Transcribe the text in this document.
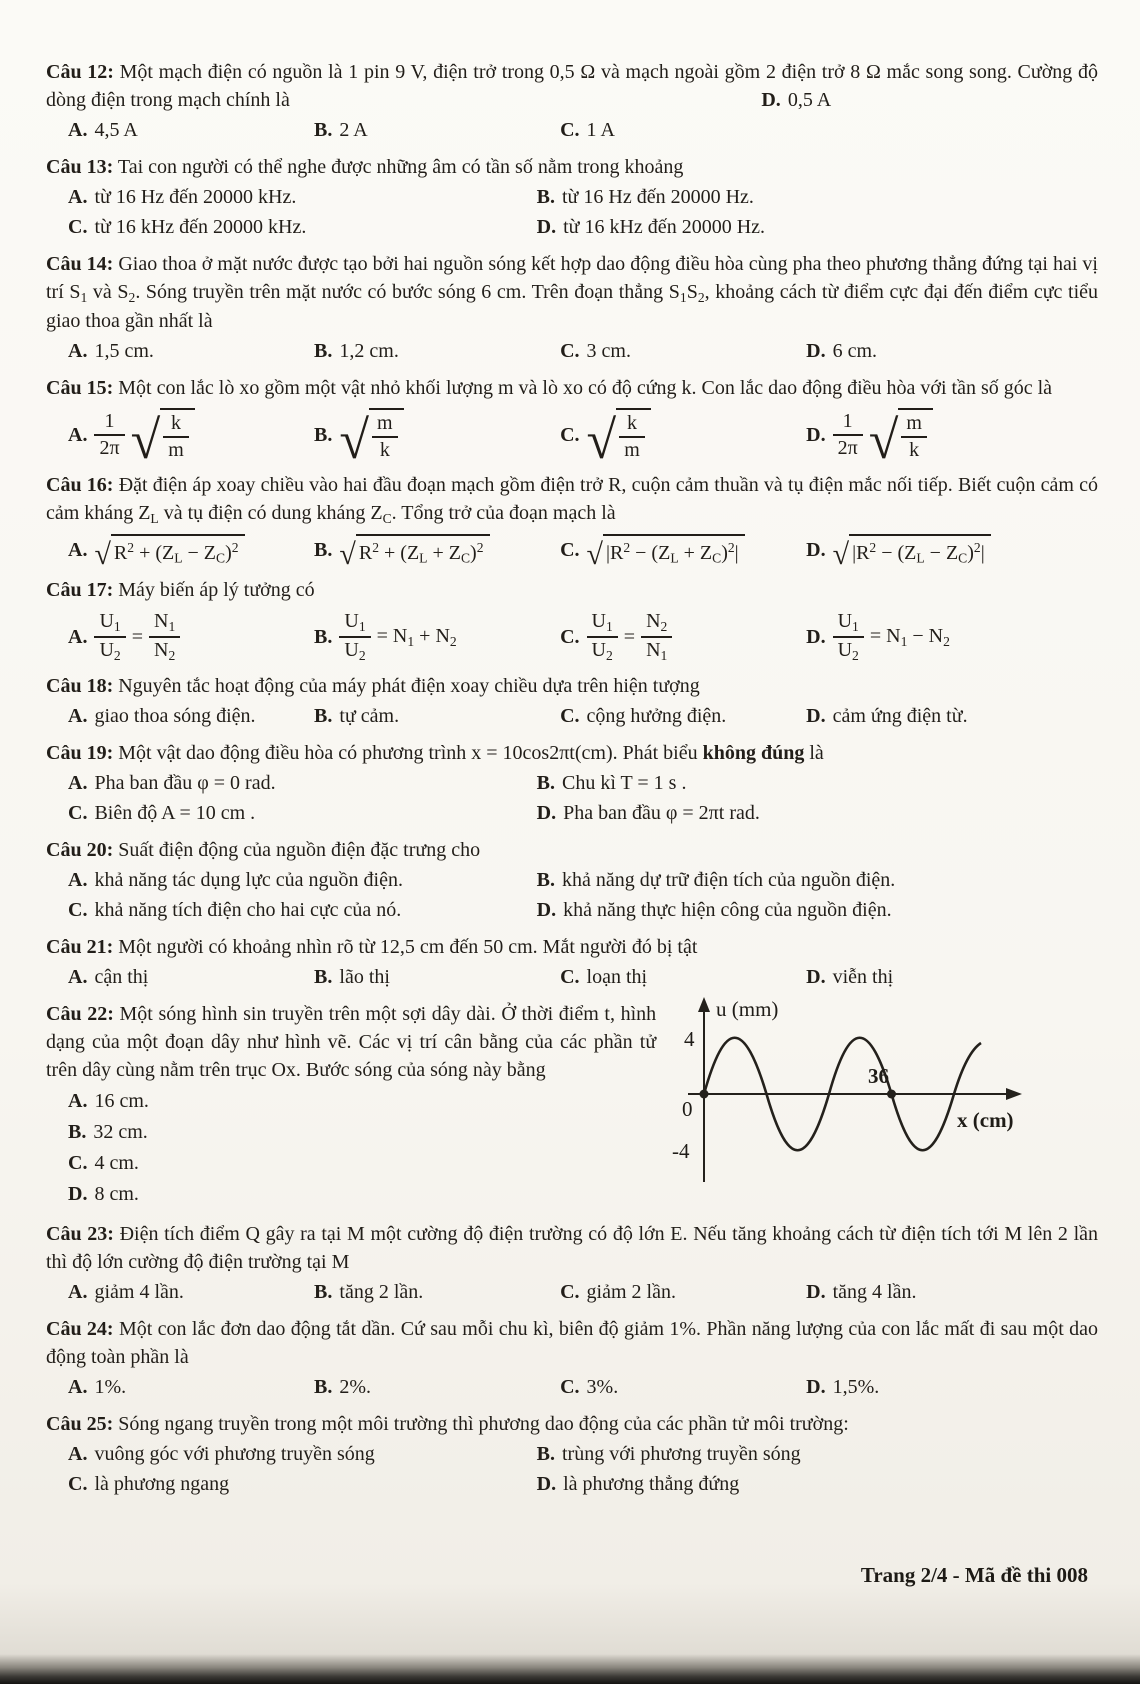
Câu 12: Một mạch điện có nguồn là 1 pin 9 V, điện trở trong 0,5 Ω và mạch ngoài gồm 2 điện trở 8 Ω mắc song song. Cường độ dòng điện trong mạch chính là	D. 0,5 A

A. 4,5 A	B. 2 A	C. 1 A

Câu 13: Tai con người có thể nghe được những âm có tần số nằm trong khoảng

A. từ 16 Hz đến 20000 kHz.	B. từ 16 Hz đến 20000 Hz.
C. từ 16 kHz đến 20000 kHz.	D. từ 16 kHz đến 20000 Hz.

Câu 14: Giao thoa ở mặt nước được tạo bởi hai nguồn sóng kết hợp dao động điều hòa cùng pha theo phương thẳng đứng tại hai vị trí $S_1$ và $S_2$. Sóng truyền trên mặt nước có bước sóng 6 cm. Trên đoạn thẳng $S_1S_2$, khoảng cách từ điểm cực đại đến điểm cực tiểu giao thoa gần nhất là

A. 1,5 cm.	B. 1,2 cm.	C. 3 cm.	D. 6 cm.

Câu 15: Một con lắc lò xo gồm một vật nhỏ khối lượng m và lò xo có độ cứng k. Con lắc dao động điều hòa với tần số góc là

A. $\frac{1}{2\pi}$ √ $\frac{k}{m}$	B. √ $\frac{m}{k}$	C. √ $\frac{k}{m}$	D. $\frac{1}{2\pi}$ √ $\frac{m}{k}$

Câu 16: Đặt điện áp xoay chiều vào hai đầu đoạn mạch gồm điện trở R, cuộn cảm thuần và tụ điện mắc nối tiếp. Biết cuộn cảm có cảm kháng $Z_L$ và tụ điện có dung kháng $Z_C$. Tổng trở của đoạn mạch là

A. √ $R^2 + (Z_L - Z_C)^2$	B. √ $R^2 + (Z_L + Z_C)^2$	C. √ $|R^2 - (Z_L + Z_C)^2|$	D. √ $|R^2 - (Z_L - Z_C)^2|$

Câu 17: Máy biến áp lý tưởng có

A. $\frac{U_1}{U_2} = \frac{N_1}{N_2}$	B. $\frac{U_1}{U_2} = N_1 + N_2$	C. $\frac{U_1}{U_2} = \frac{N_2}{N_1}$	D. $\frac{U_1}{U_2} = N_1 - N_2$

Câu 18: Nguyên tắc hoạt động của máy phát điện xoay chiều dựa trên hiện tượng

A. giao thoa sóng điện.	B. tự cảm.	C. cộng hưởng điện.	D. cảm ứng điện từ.

Câu 19: Một vật dao động điều hòa có phương trình x = 10cos2πt(cm). Phát biểu không đúng là

A. Pha ban đầu φ = 0 rad.	B. Chu kì T = 1 s .
C. Biên độ A = 10 cm .	D. Pha ban đầu φ = 2πt rad.

Câu 20: Suất điện động của nguồn điện đặc trưng cho

A. khả năng tác dụng lực của nguồn điện.	B. khả năng dự trữ điện tích của nguồn điện.
C. khả năng tích điện cho hai cực của nó.	D. khả năng thực hiện công của nguồn điện.

Câu 21: Một người có khoảng nhìn rõ từ 12,5 cm đến 50 cm. Mắt người đó bị tật

A. cận thị	B. lão thị	C. loạn thị	D. viễn thị

Câu 22: Một sóng hình sin truyền trên một sợi dây dài. Ở thời điểm t, hình dạng của một đoạn dây như hình vẽ. Các vị trí cân bằng của các phần tử trên dây cùng nằm trên trục Ox. Bước sóng của sóng này bằng

A. 16 cm.
B. 32 cm.
C. 4 cm.
D. 8 cm.
u (mm)
4
0
-4
36
x (cm)

Câu 23: Điện tích điểm Q gây ra tại M một cường độ điện trường có độ lớn E. Nếu tăng khoảng cách từ điện tích tới M lên 2 lần thì độ lớn cường độ điện trường tại M

A. giảm 4 lần.	B. tăng 2 lần.	C. giảm 2 lần.	D. tăng 4 lần.

Câu 24: Một con lắc đơn dao động tắt dần. Cứ sau mỗi chu kì, biên độ giảm 1%. Phần năng lượng của con lắc mất đi sau một dao động toàn phần là

A. 1%.	B. 2%.	C. 3%.	D. 1,5%.

Câu 25: Sóng ngang truyền trong một môi trường thì phương dao động của các phần tử môi trường:

A. vuông góc với phương truyền sóng	B. trùng với phương truyền sóng
C. là phương ngang	D. là phương thẳng đứng
Trang 2/4 - Mã đề thi 008
